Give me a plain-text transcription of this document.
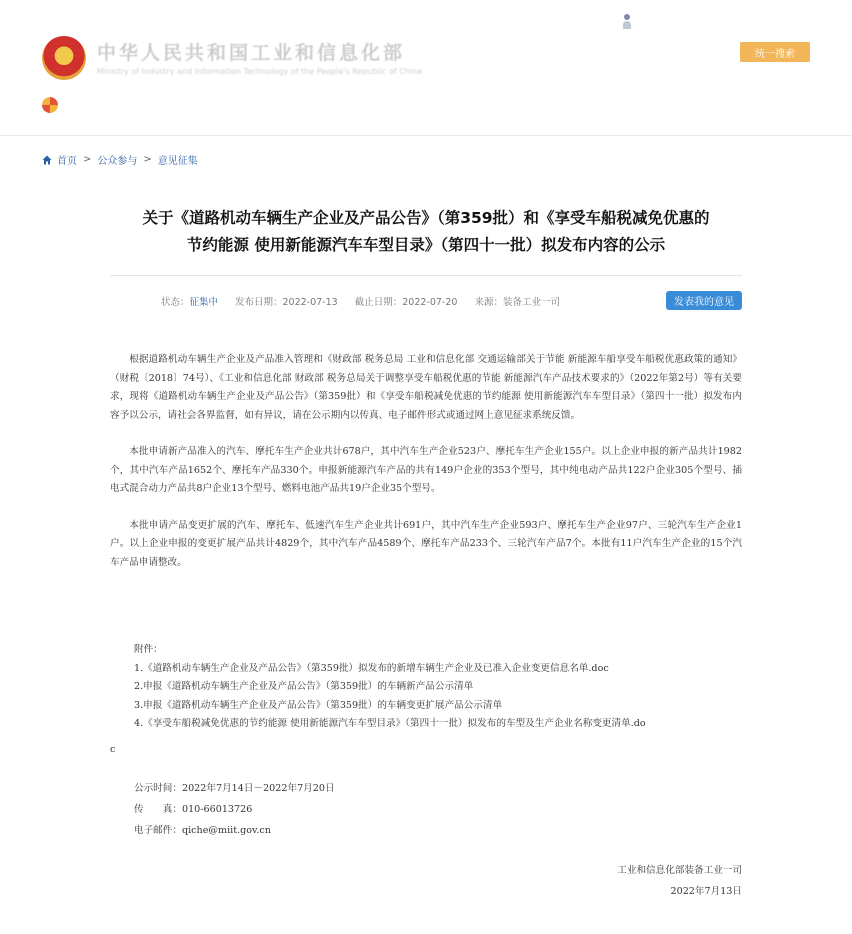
中华人民共和国工业和信息化部
Ministry of Industry and Information Technology of the People's Republic of China
统一搜索
首页 > 公众参与 > 意见征集
关于《道路机动车辆生产企业及产品公告》（第359批）和《享受车船税减免优惠的
节约能源 使用新能源汽车车型目录》（第四十一批）拟发布内容的公示
状态：征集中 发布日期：2022-07-13 截止日期：2022-07-20 来源：装备工业一司	发表我的意见

根据道路机动车辆生产企业及产品准入管理和《财政部 税务总局 工业和信息化部 交通运输部关于节能 新能源车船享受车船税优惠政策的通知》（财税〔2018〕74号）、《工业和信息化部 财政部 税务总局关于调整享受车船税优惠的节能 新能源汽车产品技术要求的》（2022年第2号）等有关要求，现将《道路机动车辆生产企业及产品公告》（第359批）和《享受车船税减免优惠的节约能源 使用新能源汽车车型目录》（第四十一批）拟发布内容予以公示，请社会各界监督，如有异议，请在公示期内以传真、电子邮件形式或通过网上意见征求系统反馈。

本批申请新产品准入的汽车、摩托车生产企业共计678户，其中汽车生产企业523户、摩托车生产企业155户。以上企业申报的新产品共计1982个，其中汽车产品1652个、摩托车产品330个。申报新能源汽车产品的共有149户企业的353个型号，其中纯电动产品共122户企业305个型号、插电式混合动力产品共8户企业13个型号、燃料电池产品共19户企业35个型号。

本批申请产品变更扩展的汽车、摩托车、低速汽车生产企业共计691户，其中汽车生产企业593户、摩托车生产企业97户、三轮汽车生产企业1户。以上企业申报的变更扩展产品共计4829个，其中汽车产品4589个、摩托车产品233个、三轮汽车产品7个。本批有11户汽车生产企业的15个汽车产品申请整改。

附件：
1.《道路机动车辆生产企业及产品公告》（第359批）拟发布的新增车辆生产企业及已准入企业变更信息名单.doc
2.申报《道路机动车辆生产企业及产品公告》（第359批）的车辆新产品公示清单
3.申报《道路机动车辆生产企业及产品公告》（第359批）的车辆变更扩展产品公示清单
4.《享受车船税减免优惠的节约能源 使用新能源汽车车型目录》（第四十一批）拟发布的车型及生产企业名称变更清单.do
c
公示时间：2022年7月14日－2022年7月20日
传　　真：010-66013726
电子邮件：qiche@miit.gov.cn
工业和信息化部装备工业一司
2022年7月13日
